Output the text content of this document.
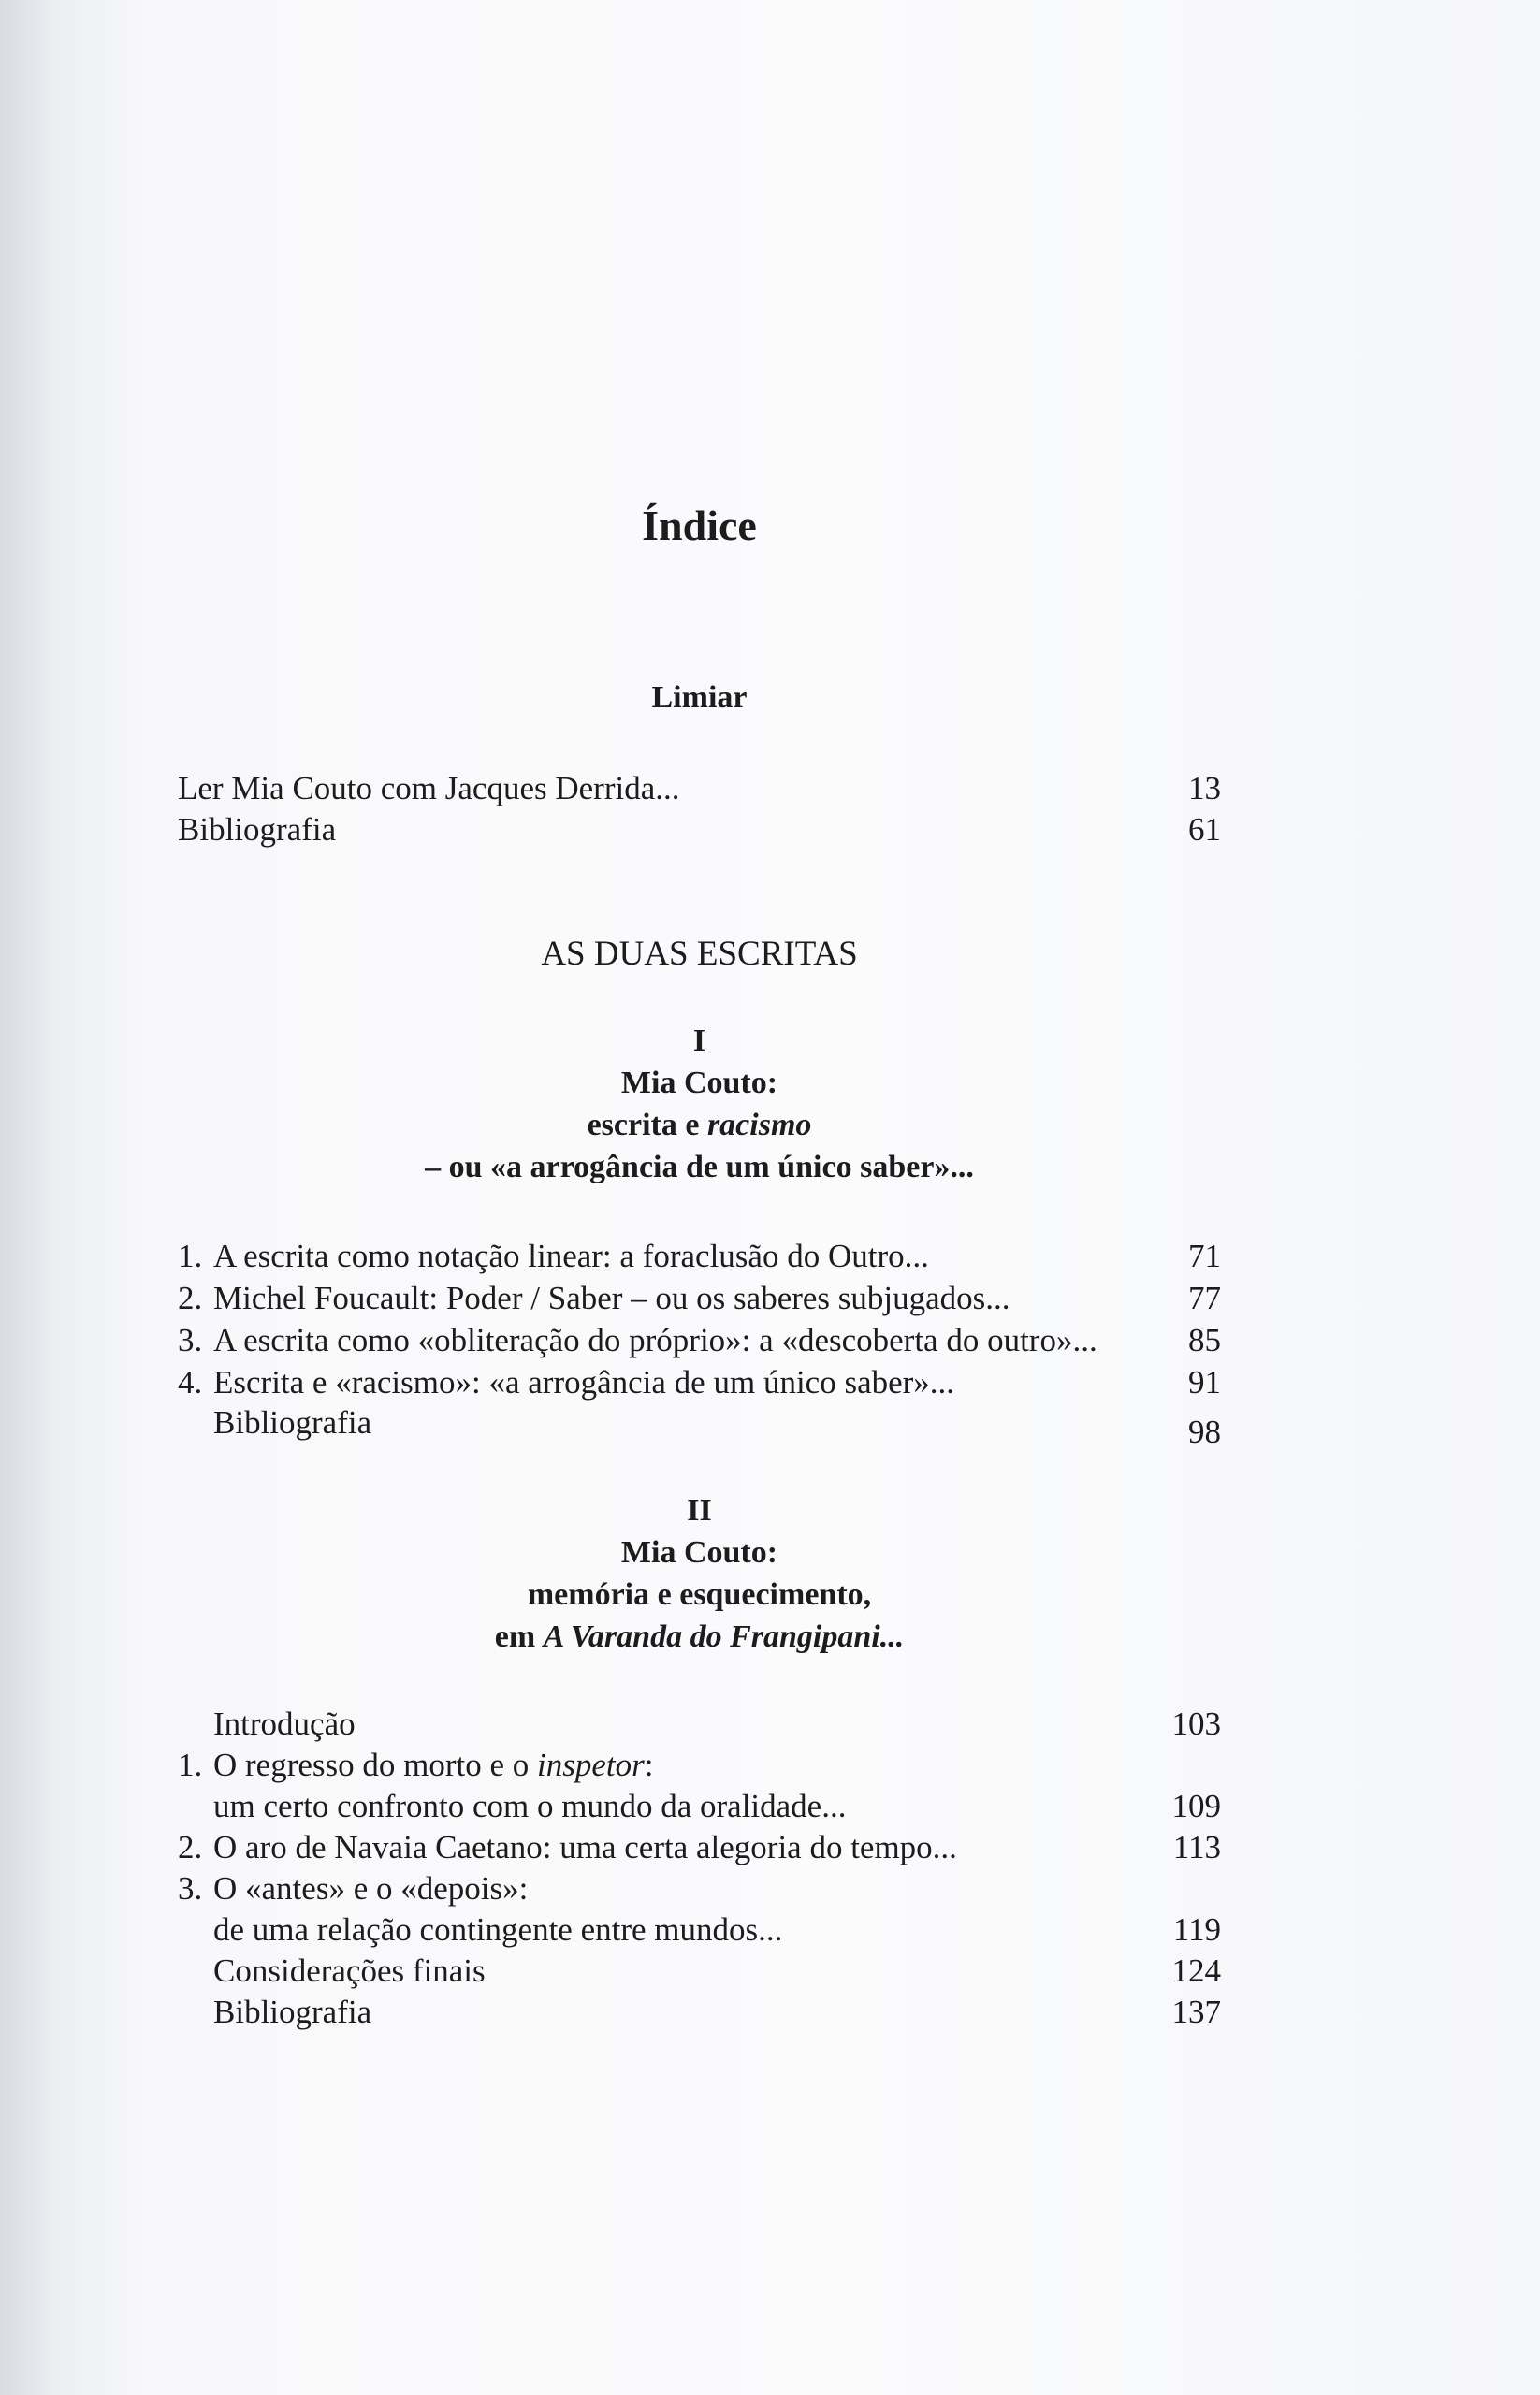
Índice
Limiar
Ler Mia Couto com Jacques Derrida...	13
Bibliografia	61
AS DUAS ESCRITAS
I
Mia Couto:
escrita e racismo
– ou «a arrogância de um único saber»...
1. A escrita como notação linear: a foraclusão do Outro...	71
2. Michel Foucault: Poder / Saber – ou os saberes subjugados...	77
3. A escrita como «obliteração do próprio»: a «descoberta do outro»...	85
4. Escrita e «racismo»: «a arrogância de um único saber»...	91
Bibliografia	98
II
Mia Couto:
memória e esquecimento,
em A Varanda do Frangipani...
Introdução	103
1. O regresso do morto e o inspetor:
um certo confronto com o mundo da oralidade...	109
2. O aro de Navaia Caetano: uma certa alegoria do tempo...	113
3. O «antes» e o «depois»:
de uma relação contingente entre mundos...	119
Considerações finais	124
Bibliografia	137
